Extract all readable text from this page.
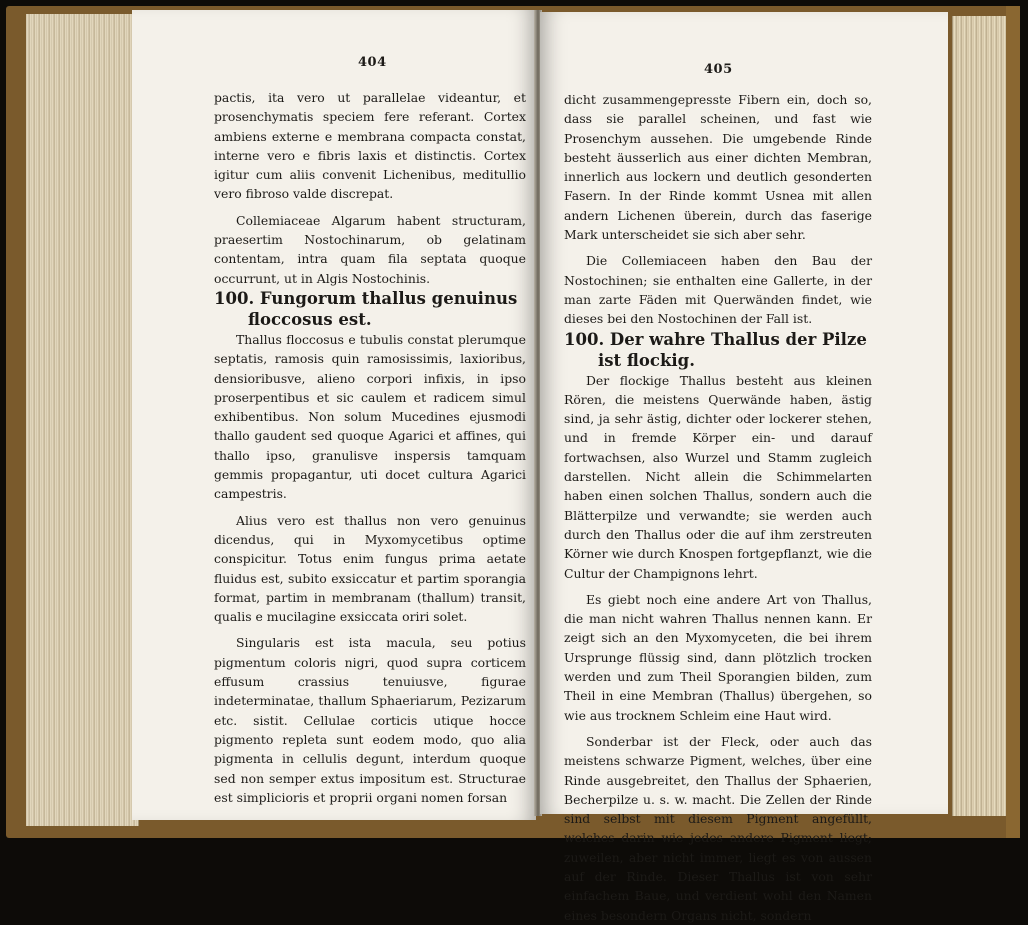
404

pactis, ita vero ut parallelae videantur, et prosenchymatis speciem fere referant. Cortex ambiens externe e membrana compacta constat, interne vero e fibris laxis et distinctis. Cortex igitur cum aliis convenit Lichenibus, meditullio vero fibroso valde discrepat.

Collemiaceae Algarum habent structuram, praesertim Nostochinarum, ob gelatinam contentam, intra quam fila septata quoque occurrunt, ut in Algis Nostochinis.

100. Fungorum thallus genuinus floccosus est.

Thallus floccosus e tubulis constat plerumque septatis, ramosis quin ramosissimis, laxioribus, densioribusve, alieno corpori infixis, in ipso proserpentibus et sic caulem et radicem simul exhibentibus. Non solum Mucedines ejusmodi thallo gaudent sed quoque Agarici et affines, qui thallo ipso, granulisve inspersis tamquam gemmis propagantur, uti docet cultura Agarici campestris.

Alius vero est thallus non vero genuinus dicendus, qui in Myxomycetibus optime conspicitur. Totus enim fungus prima aetate fluidus est, subito exsiccatur et partim sporangia format, partim in membranam (thallum) transit, qualis e mucilagine exsiccata oriri solet.

Singularis est ista macula, seu potius pigmentum coloris nigri, quod supra corticem effusum crassius tenuiusve, figurae indeterminatae, thallum Sphaeriarum, Pezizarum etc. sistit. Cellulae corticis utique hocce pigmento repleta sunt eodem modo, quo alia pigmenta in cellulis degunt, interdum quoque sed non semper extus impositum est. Structurae est simplicioris et proprii organi nomen forsan

405

dicht zusammengepresste Fibern ein, doch so, dass sie parallel scheinen, und fast wie Prosenchym aussehen. Die umgebende Rinde besteht äusserlich aus einer dichten Membran, innerlich aus lockern und deutlich gesonderten Fasern. In der Rinde kommt Usnea mit allen andern Lichenen überein, durch das faserige Mark unterscheidet sie sich aber sehr.

Die Collemiaceen haben den Bau der Nostochinen; sie enthalten eine Gallerte, in der man zarte Fäden mit Querwänden findet, wie dieses bei den Nostochinen der Fall ist.

100. Der wahre Thallus der Pilze ist flockig.

Der flockige Thallus besteht aus kleinen Rören, die meistens Querwände haben, ästig sind, ja sehr ästig, dichter oder lockerer stehen, und in fremde Körper ein- und darauf fortwachsen, also Wurzel und Stamm zugleich darstellen. Nicht allein die Schimmelarten haben einen solchen Thallus, sondern auch die Blätterpilze und verwandte; sie werden auch durch den Thallus oder die auf ihm zerstreuten Körner wie durch Knospen fortgepflanzt, wie die Cultur der Champignons lehrt.

Es giebt noch eine andere Art von Thallus, die man nicht wahren Thallus nennen kann. Er zeigt sich an den Myxomyceten, die bei ihrem Ursprunge flüssig sind, dann plötzlich trocken werden und zum Theil Sporangien bilden, zum Theil in eine Membran (Thallus) übergehen, so wie aus trocknem Schleim eine Haut wird.

Sonderbar ist der Fleck, oder auch das meistens schwarze Pigment, welches, über eine Rinde ausgebreitet, den Thallus der Sphaerien, Becherpilze u. s. w. macht. Die Zellen der Rinde sind selbst mit diesem Pigment angefüllt, welches darin wie jedes andere Pigment liegt; zuweilen, aber nicht immer, liegt es von aussen auf der Rinde. Dieser Thallus ist von sehr einfachem Baue, und verdient wohl den Namen eines besondern Organs nicht, sondern
